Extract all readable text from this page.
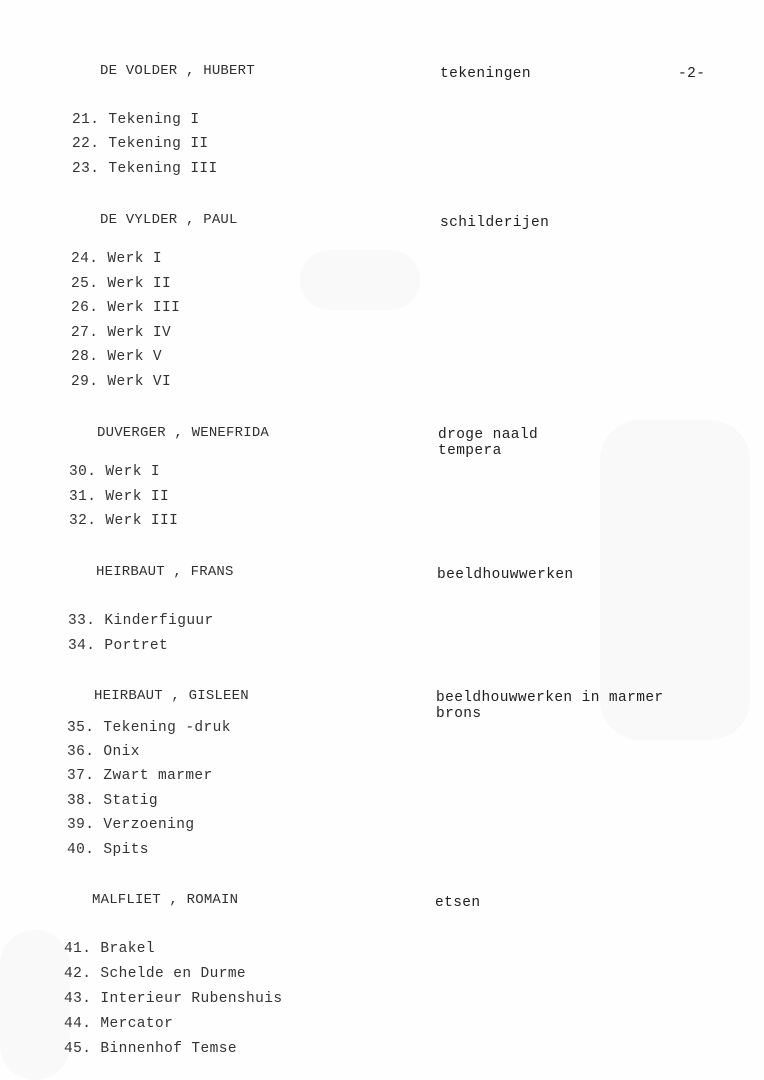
-2-
DE VOLDER , HUBERT	tekeningen
21. Tekening I
22. Tekening II
23. Tekening III
DE VYLDER , PAUL	schilderijen
24. Werk I
25. Werk II
26. Werk III
27. Werk IV
28. Werk V
29. Werk VI
DUVERGER , WENEFRIDA	droge naald
tempera
30. Werk I
31. Werk II
32. Werk III
HEIRBAUT , FRANS	beeldhouwwerken
33. Kinderfiguur
34. Portret
HEIRBAUT , GISLEEN	beeldhouwwerken in marmer
brons
35. Tekening -druk
36. Onix
37. Zwart marmer
38. Statig
39. Verzoening
40. Spits
MALFLIET , ROMAIN	etsen
41. Brakel
42. Schelde en Durme
43. Interieur Rubenshuis
44. Mercator
45. Binnenhof Temse
